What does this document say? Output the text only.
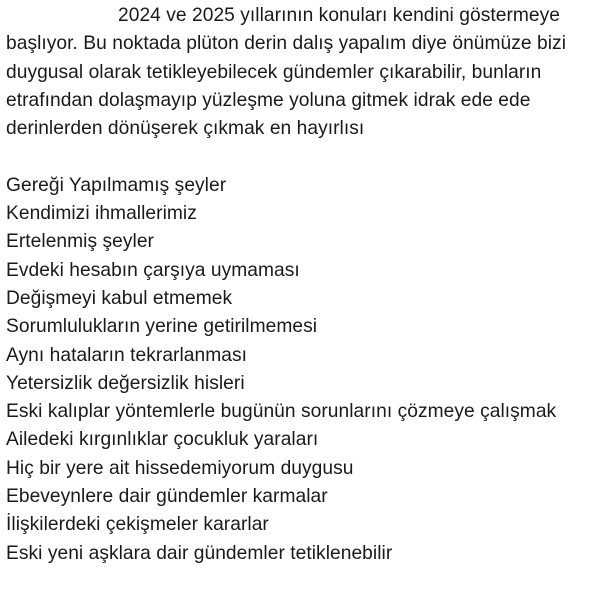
2024 ve 2025 yıllarının konuları kendini göstermeye başlıyor. Bu noktada plüton derin dalış yapalım diye önümüze bizi duygusal olarak tetikleyebilecek gündemler çıkarabilir, bunların etrafından dolaşmayıp yüzleşme yoluna gitmek idrak ede ede derinlerden dönüşerek çıkmak en hayırlısı

Gereği Yapılmamış şeyler
Kendimizi ihmallerimiz
Ertelenmiş şeyler
Evdeki hesabın çarşıya uymaması
Değişmeyi kabul etmemek
Sorumlulukların yerine getirilmemesi
Aynı hataların tekrarlanması
Yetersizlik değersizlik hisleri
Eski kalıplar yöntemlerle bugünün sorunlarını çözmeye çalışmak
Ailedeki kırgınlıklar çocukluk yaraları
Hiç bir yere ait hissedemiyorum duygusu
Ebeveynlere dair gündemler karmalar
İlişkilerdeki çekişmeler kararlar
Eski yeni aşklara dair gündemler tetiklenebilir
